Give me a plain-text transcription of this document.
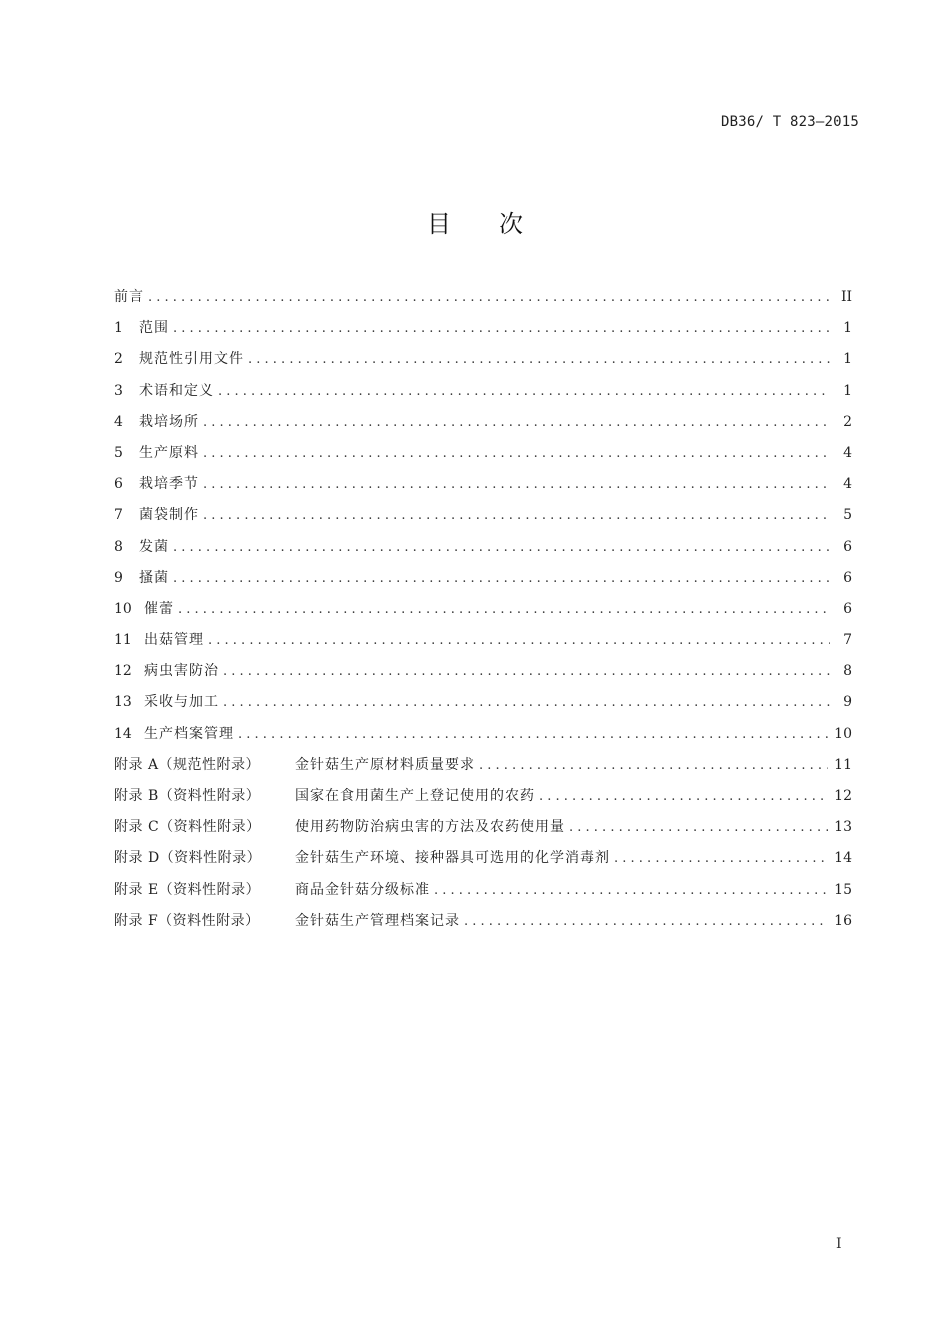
DB36/ T 823—2015
目 次
前言 . . .	II
1	范围 . . .	1
2	规范性引用文件 . . .	1
3	术语和定义 . . .	1
4	栽培场所 . . .	2
5	生产原料 . . .	4
6	栽培季节 . . .	4
7	菌袋制作 . . .	5
8	发菌 . . .	6
9	搔菌 . . .	6
10 催蕾 . . .	6
11 出菇管理 . . .	7
12 病虫害防治 . . .	8
13 采收与加工 . . .	9
14 生产档案管理 . . .	10
附录 A（规范性附录）	金针菇生产原材料质量要求 . . .	11
附录 B（资料性附录）	国家在食用菌生产上登记使用的农药 . . .	12
附录 C（资料性附录）	使用药物防治病虫害的方法及农药使用量 . . .	13
附录 D（资料性附录）	金针菇生产环境、接种器具可选用的化学消毒剂 . . .	14
附录 E（资料性附录）	商品金针菇分级标准 . . .	15
附录 F（资料性附录）	金针菇生产管理档案记录 . . .	16
I
